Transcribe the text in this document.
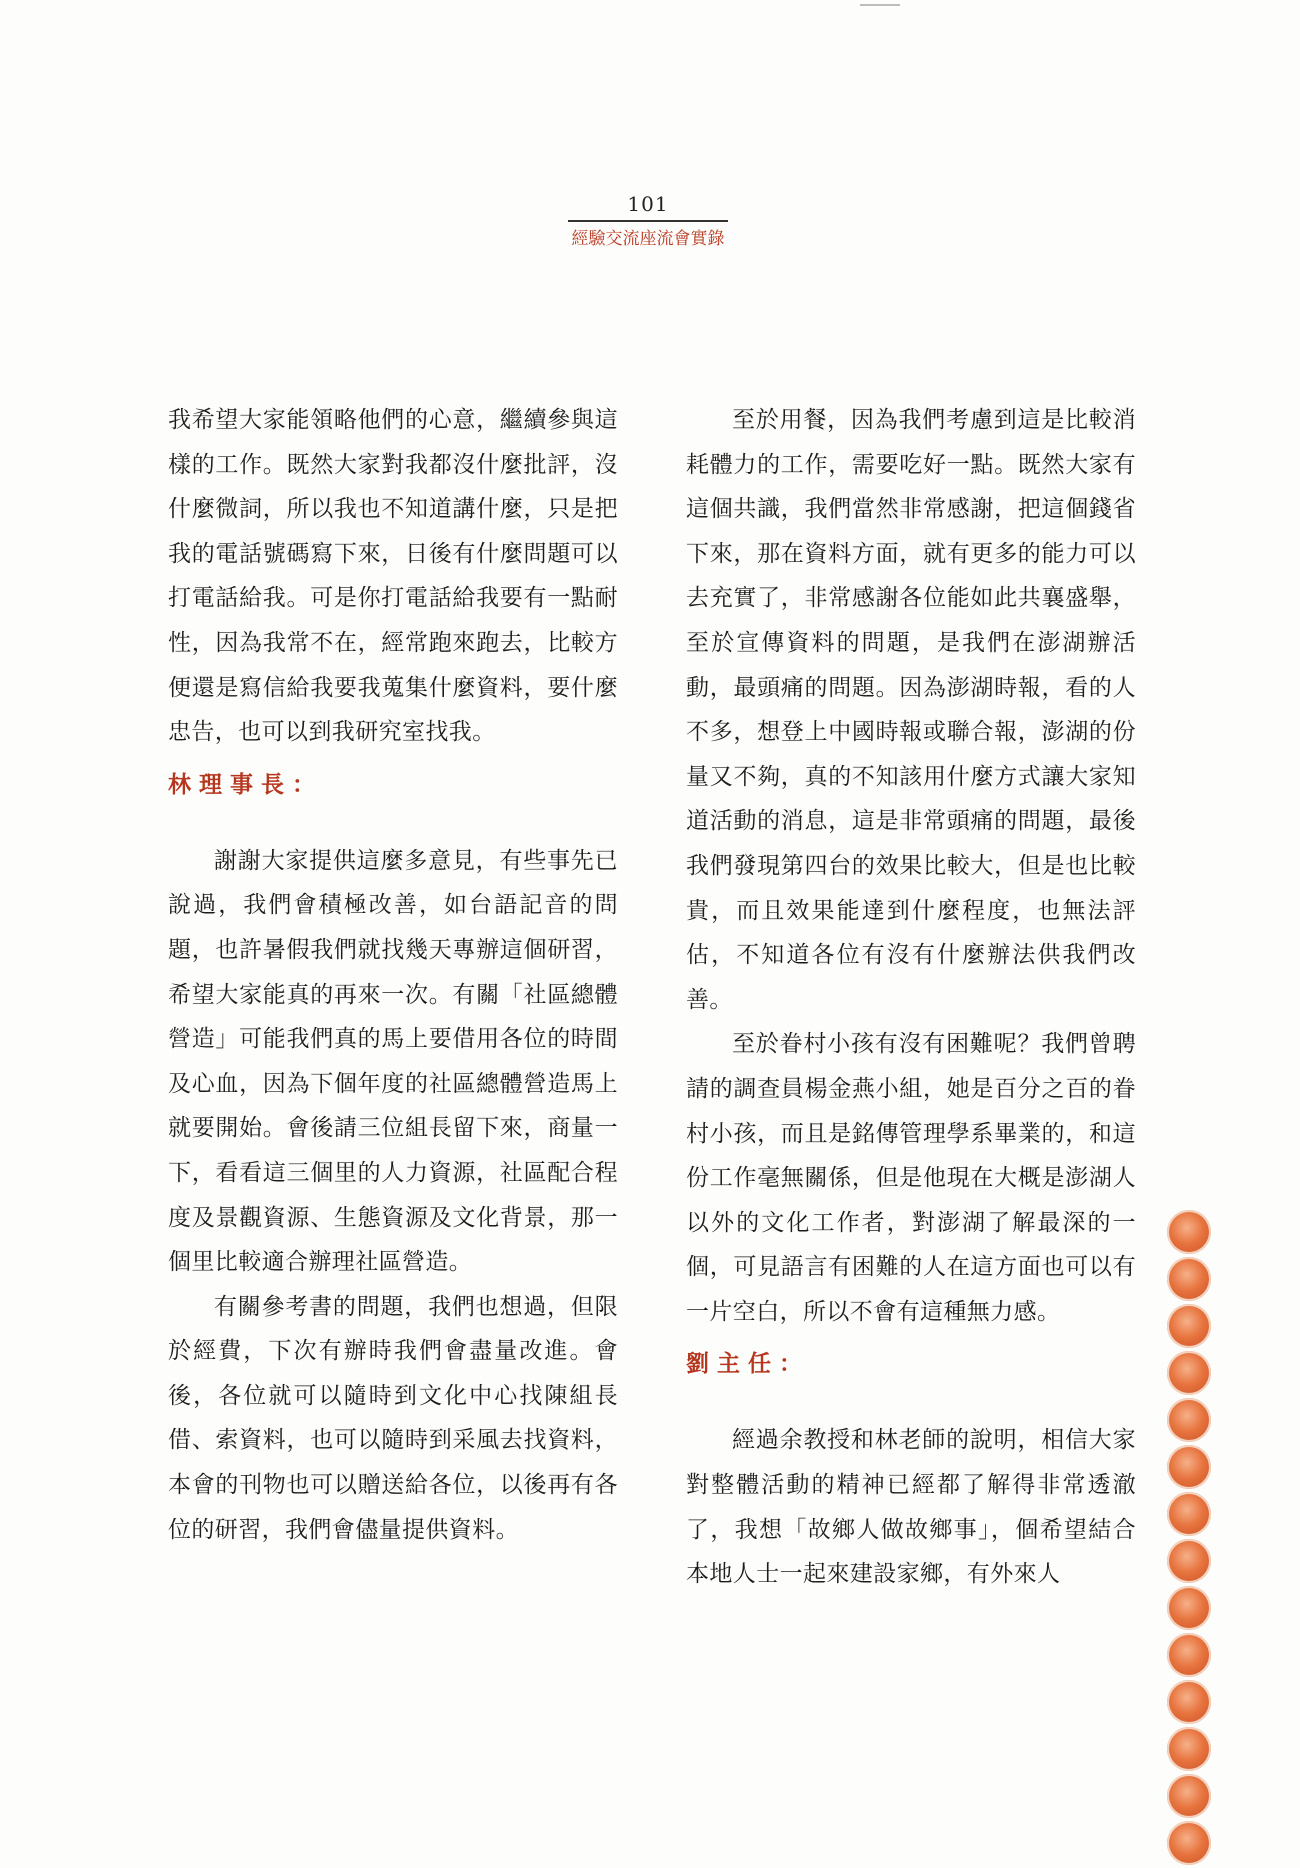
101
經驗交流座流會實錄

我希望大家能領略他們的心意，繼續參與這樣的工作。既然大家對我都沒什麼批評，沒什麼微詞，所以我也不知道講什麼，只是把我的電話號碼寫下來，日後有什麼問題可以打電話給我。可是你打電話給我要有一點耐性，因為我常不在，經常跑來跑去，比較方便還是寫信給我要我蒐集什麼資料，要什麼忠告，也可以到我研究室找我。

林理事長：

謝謝大家提供這麼多意見，有些事先已說過，我們會積極改善，如台語記音的問題，也許暑假我們就找幾天專辦這個研習，希望大家能真的再來一次。有關「社區總體營造」可能我們真的馬上要借用各位的時間及心血，因為下個年度的社區總體營造馬上就要開始。會後請三位組長留下來，商量一下，看看這三個里的人力資源，社區配合程度及景觀資源、生態資源及文化背景，那一個里比較適合辦理社區營造。

有關參考書的問題，我們也想過，但限於經費，下次有辦時我們會盡量改進。會後，各位就可以隨時到文化中心找陳組長借、索資料，也可以隨時到采風去找資料，本會的刊物也可以贈送給各位，以後再有各位的研習，我們會儘量提供資料。

至於用餐，因為我們考慮到這是比較消耗體力的工作，需要吃好一點。既然大家有這個共識，我們當然非常感謝，把這個錢省下來，那在資料方面，就有更多的能力可以去充實了，非常感謝各位能如此共襄盛舉，至於宣傳資料的問題，是我們在澎湖辦活動，最頭痛的問題。因為澎湖時報，看的人不多，想登上中國時報或聯合報，澎湖的份量又不夠，真的不知該用什麼方式讓大家知道活動的消息，這是非常頭痛的問題，最後我們發現第四台的效果比較大，但是也比較貴，而且效果能達到什麼程度，也無法評估，不知道各位有沒有什麼辦法供我們改善。

至於眷村小孩有沒有困難呢？我們曾聘請的調查員楊金燕小組，她是百分之百的眷村小孩，而且是銘傳管理學系畢業的，和這份工作毫無關係，但是他現在大概是澎湖人以外的文化工作者，對澎湖了解最深的一個，可見語言有困難的人在這方面也可以有一片空白，所以不會有這種無力感。

劉主任：

經過余教授和林老師的說明，相信大家對整體活動的精神已經都了解得非常透澈了，我想「故鄉人做故鄉事」，個希望結合本地人士一起來建設家鄉，有外來人
